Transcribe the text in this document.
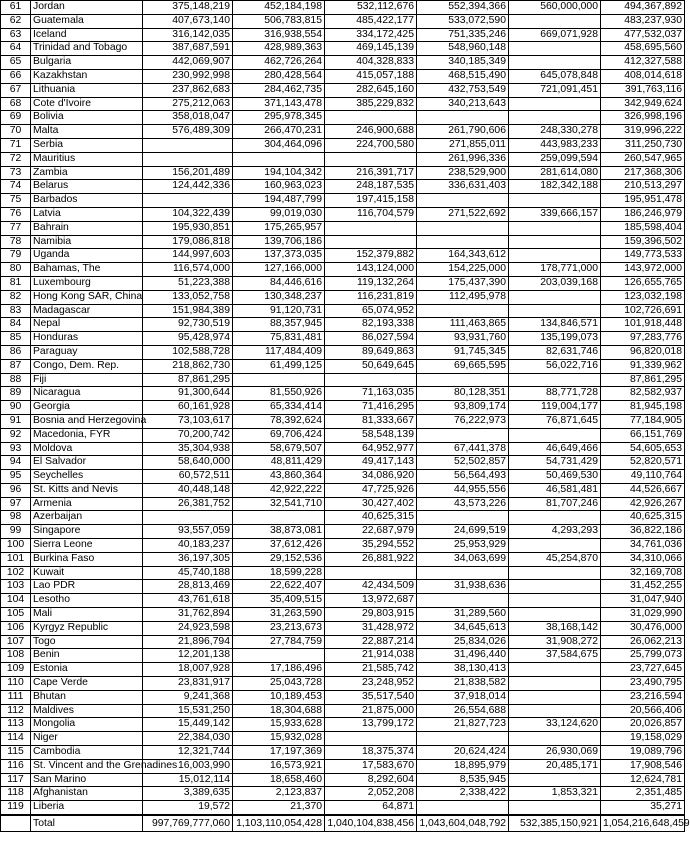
61	Jordan	375,148,219	452,184,198	532,112,676	552,394,366	560,000,000	494,367,892
62	Guatemala	407,673,140	506,783,815	485,422,177	533,072,590		483,237,930
63	Iceland	316,142,035	316,938,554	334,172,425	751,335,246	669,071,928	477,532,037
64	Trinidad and Tobago	387,687,591	428,989,363	469,145,139	548,960,148		458,695,560
65	Bulgaria	442,069,907	462,726,264	404,328,833	340,185,349		412,327,588
66	Kazakhstan	230,992,998	280,428,564	415,057,188	468,515,490	645,078,848	408,014,618
67	Lithuania	237,862,683	284,462,735	282,645,160	432,753,549	721,091,451	391,763,116
68	Cote d'Ivoire	275,212,063	371,143,478	385,229,832	340,213,643		342,949,624
69	Bolivia	358,018,047	295,978,345				326,998,196
70	Malta	576,489,309	266,470,231	246,900,688	261,790,606	248,330,278	319,996,222
71	Serbia		304,464,096	224,700,580	271,855,011	443,983,233	311,250,730
72	Mauritius				261,996,336	259,099,594	260,547,965
73	Zambia	156,201,489	194,104,342	216,391,717	238,529,900	281,614,080	217,368,306
74	Belarus	124,442,336	160,963,023	248,187,535	336,631,403	182,342,188	210,513,297
75	Barbados		194,487,799	197,415,158			195,951,478
76	Latvia	104,322,439	99,019,030	116,704,579	271,522,692	339,666,157	186,246,979
77	Bahrain	195,930,851	175,265,957				185,598,404
78	Namibia	179,086,818	139,706,186				159,396,502
79	Uganda	144,997,603	137,373,035	152,379,882	164,343,612		149,773,533
80	Bahamas, The	116,574,000	127,166,000	143,124,000	154,225,000	178,771,000	143,972,000
81	Luxembourg	51,223,388	84,446,616	119,132,264	175,437,390	203,039,168	126,655,765
82	Hong Kong SAR, China	133,052,758	130,348,237	116,231,819	112,495,978		123,032,198
83	Madagascar	151,984,389	91,120,731	65,074,952			102,726,691
84	Nepal	92,730,519	88,357,945	82,193,338	111,463,865	134,846,571	101,918,448
85	Honduras	95,428,974	75,831,481	86,027,594	93,931,760	135,199,073	97,283,776
86	Paraguay	102,588,728	117,484,409	89,649,863	91,745,345	82,631,746	96,820,018
87	Congo, Dem. Rep.	218,862,730	61,499,125	50,649,645	69,665,595	56,022,716	91,339,962
88	Fiji	87,861,295					87,861,295
89	Nicaragua	91,300,644	81,550,926	71,163,035	80,128,351	88,771,728	82,582,937
90	Georgia	60,161,928	65,334,414	71,416,295	93,809,174	119,004,177	81,945,198
91	Bosnia and Herzegovina	73,103,617	78,392,624	81,333,667	76,222,973	76,871,645	77,184,905
92	Macedonia, FYR	70,200,742	69,706,424	58,548,139			66,151,769
93	Moldova	35,304,938	58,679,507	64,952,977	67,441,378	46,649,466	54,605,653
94	El Salvador	58,640,000	48,811,429	49,417,143	52,502,857	54,731,429	52,820,571
95	Seychelles	60,572,511	43,860,364	34,086,920	56,564,493	50,469,530	49,110,764
96	St. Kitts and Nevis	40,448,148	42,922,222	47,725,926	44,955,556	46,581,481	44,526,667
97	Armenia	26,381,752	32,541,710	30,427,402	43,573,226	81,707,246	42,926,267
98	Azerbaijan			40,625,315			40,625,315
99	Singapore	93,557,059	38,873,081	22,687,979	24,699,519	4,293,293	36,822,186
100	Sierra Leone	40,183,237	37,612,426	35,294,552	25,953,929		34,761,036
101	Burkina Faso	36,197,305	29,152,536	26,881,922	34,063,699	45,254,870	34,310,066
102	Kuwait	45,740,188	18,599,228				32,169,708
103	Lao PDR	28,813,469	22,622,407	42,434,509	31,938,636		31,452,255
104	Lesotho	43,761,618	35,409,515	13,972,687			31,047,940
105	Mali	31,762,894	31,263,590	29,803,915	31,289,560		31,029,990
106	Kyrgyz Republic	24,923,598	23,213,673	31,428,972	34,645,613	38,168,142	30,476,000
107	Togo	21,896,794	27,784,759	22,887,214	25,834,026	31,908,272	26,062,213
108	Benin	12,201,138		21,914,038	31,496,440	37,584,675	25,799,073
109	Estonia	18,007,928	17,186,496	21,585,742	38,130,413		23,727,645
110	Cape Verde	23,831,917	25,043,728	23,248,952	21,838,582		23,490,795
111	Bhutan	9,241,368	10,189,453	35,517,540	37,918,014		23,216,594
112	Maldives	15,531,250	18,304,688	21,875,000	26,554,688		20,566,406
113	Mongolia	15,449,142	15,933,628	13,799,172	21,827,723	33,124,620	20,026,857
114	Niger	22,384,030	15,932,028				19,158,029
115	Cambodia	12,321,744	17,197,369	18,375,374	20,624,424	26,930,069	19,089,796
116	St. Vincent and the Grenadines	16,003,990	16,573,921	17,583,670	18,895,979	20,485,171	17,908,546
117	San Marino	15,012,114	18,658,460	8,292,604	8,535,945		12,624,781
118	Afghanistan	3,389,635	2,123,837	2,052,208	2,338,422	1,853,321	2,351,485
119	Liberia	19,572	21,370	64,871			35,271
	Total	997,769,777,060	1,103,110,054,428	1,040,104,838,456	1,043,604,048,792	532,385,150,921	1,054,216,648,459
